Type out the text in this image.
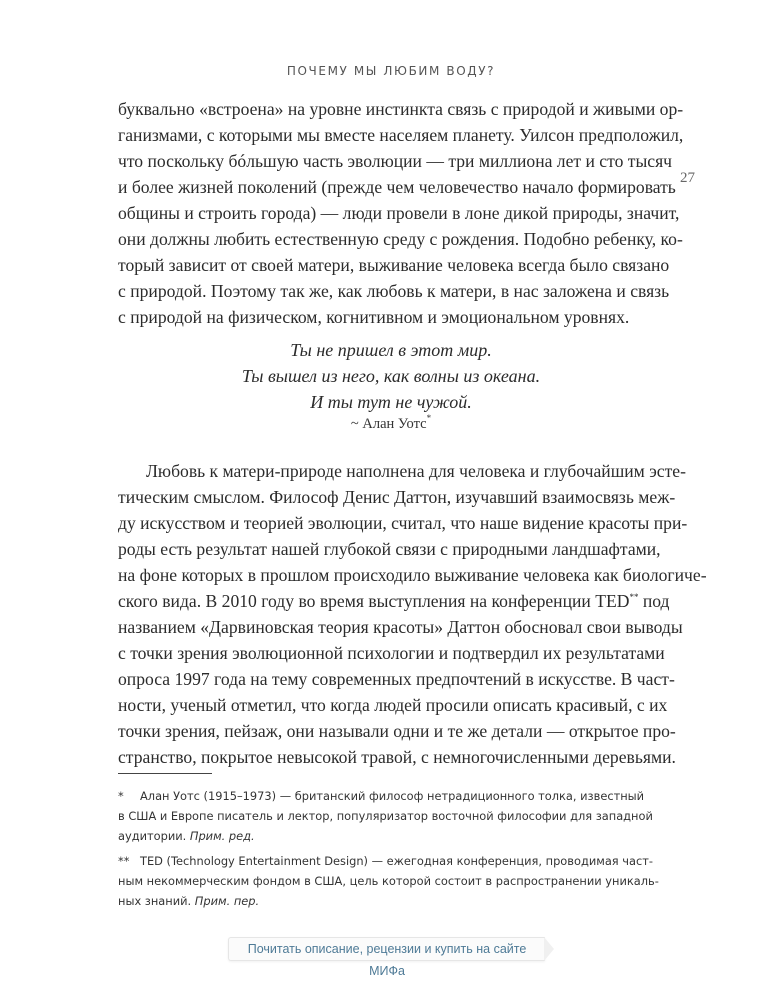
ПОЧЕМУ МЫ ЛЮБИМ ВОДУ?
27
буквально «встроена» на уровне инстинкта связь с природой и живыми ор-
ганизмами, с которыми мы вместе населяем планету. Уилсон предположил,
что поскольку бóльшую часть эволюции — три миллиона лет и сто тысяч
и более жизней поколений (прежде чем человечество начало формировать
общины и строить города) — люди провели в лоне дикой природы, значит,
они должны любить естественную среду с рождения. Подобно ребенку, ко-
торый зависит от своей матери, выживание человека всегда было связано
с природой. Поэтому так же, как любовь к матери, в нас заложена и связь
с природой на физическом, когнитивном и эмоциональном уровнях.
Ты не пришел в этот мир.
Ты вышел из него, как волны из океана.
И ты тут не чужой.
~ Алан Уотс*
Любовь к матери-природе наполнена для человека и глубочайшим эсте-
тическим смыслом. Философ Денис Даттон, изучавший взаимосвязь меж-
ду искусством и теорией эволюции, считал, что наше видение красоты при-
роды есть результат нашей глубокой связи с природными ландшафтами,
на фоне которых в прошлом происходило выживание человека как биологиче-
ского вида. В 2010 году во время выступления на конференции TED** под
названием «Дарвиновская теория красоты» Даттон обосновал свои выводы
с точки зрения эволюционной психологии и подтвердил их результатами
опроса 1997 года на тему современных предпочтений в искусстве. В част-
ности, ученый отметил, что когда людей просили описать красивый, с их
точки зрения, пейзаж, они называли одни и те же детали — открытое про-
странство, покрытое невысокой травой, с немногочисленными деревьями.
* Алан Уотс (1915–1973) — британский философ нетрадиционного толка, известный
в США и Европе писатель и лектор, популяризатор восточной философии для западной
аудитории. Прим. ред.
** TED (Technology Entertainment Design) — ежегодная конференция, проводимая част-
ным некоммерческим фондом в США, цель которой состоит в распространении уникаль-
ных знаний. Прим. пер.
Почитать описание, рецензии и купить на сайте МИФа
